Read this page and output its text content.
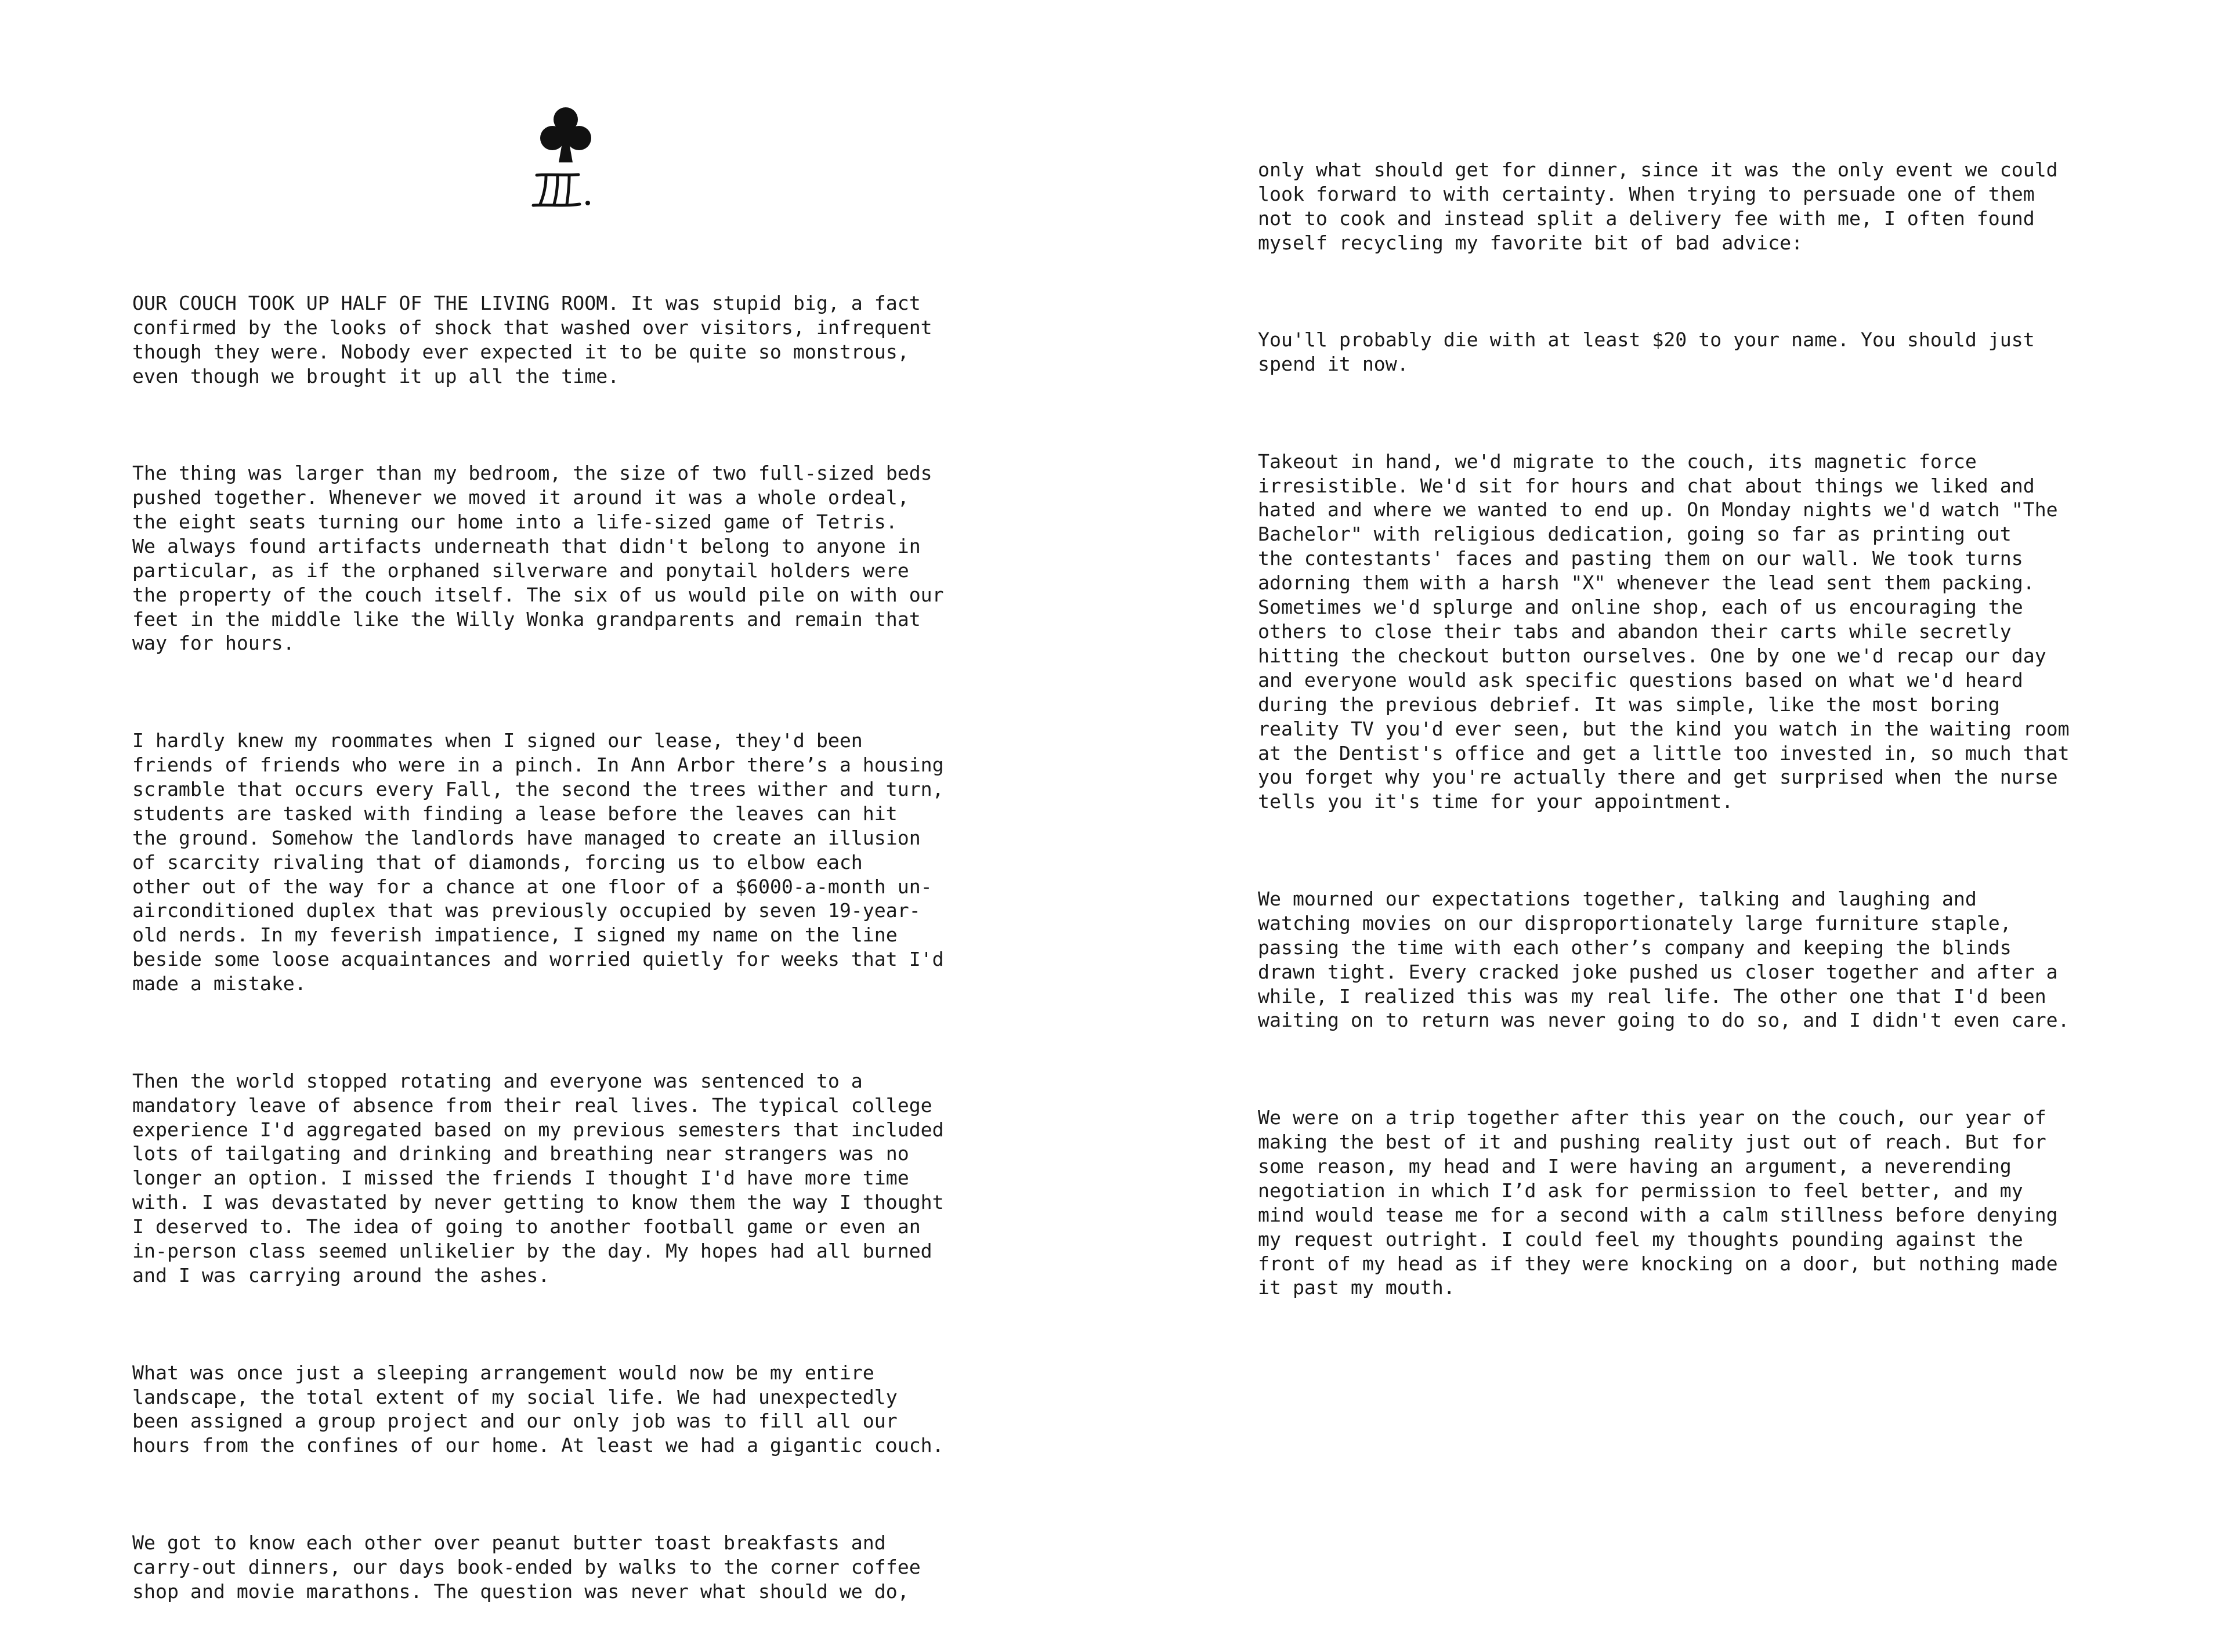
OUR COUCH TOOK UP HALF OF THE LIVING ROOM. It was stupid big, a fact
confirmed by the looks of shock that washed over visitors, infrequent
though they were. Nobody ever expected it to be quite so monstrous,
even though we brought it up all the time.

The thing was larger than my bedroom, the size of two full-sized beds
pushed together. Whenever we moved it around it was a whole ordeal,
the eight seats turning our home into a life-sized game of Tetris.
We always found artifacts underneath that didn't belong to anyone in
particular, as if the orphaned silverware and ponytail holders were
the property of the couch itself. The six of us would pile on with our
feet in the middle like the Willy Wonka grandparents and remain that
way for hours.

I hardly knew my roommates when I signed our lease, they'd been
friends of friends who were in a pinch. In Ann Arbor there’s a housing
scramble that occurs every Fall, the second the trees wither and turn,
students are tasked with finding a lease before the leaves can hit
the ground. Somehow the landlords have managed to create an illusion
of scarcity rivaling that of diamonds, forcing us to elbow each
other out of the way for a chance at one floor of a $6000-a-month un-
airconditioned duplex that was previously occupied by seven 19-year-
old nerds. In my feverish impatience, I signed my name on the line
beside some loose acquaintances and worried quietly for weeks that I'd
made a mistake.

Then the world stopped rotating and everyone was sentenced to a
mandatory leave of absence from their real lives. The typical college
experience I'd aggregated based on my previous semesters that included
lots of tailgating and drinking and breathing near strangers was no
longer an option. I missed the friends I thought I'd have more time
with. I was devastated by never getting to know them the way I thought
I deserved to. The idea of going to another football game or even an
in-person class seemed unlikelier by the day. My hopes had all burned
and I was carrying around the ashes.

What was once just a sleeping arrangement would now be my entire
landscape, the total extent of my social life. We had unexpectedly
been assigned a group project and our only job was to fill all our
hours from the confines of our home. At least we had a gigantic couch.

We got to know each other over peanut butter toast breakfasts and
carry-out dinners, our days book-ended by walks to the corner coffee
shop and movie marathons. The question was never what should we do,

only what should get for dinner, since it was the only event we could
look forward to with certainty. When trying to persuade one of them
not to cook and instead split a delivery fee with me, I often found
myself recycling my favorite bit of bad advice:

You'll probably die with at least $20 to your name. You should just
spend it now.

Takeout in hand, we'd migrate to the couch, its magnetic force
irresistible. We'd sit for hours and chat about things we liked and
hated and where we wanted to end up. On Monday nights we'd watch "The
Bachelor" with religious dedication, going so far as printing out
the contestants' faces and pasting them on our wall. We took turns
adorning them with a harsh "X" whenever the lead sent them packing.
Sometimes we'd splurge and online shop, each of us encouraging the
others to close their tabs and abandon their carts while secretly
hitting the checkout button ourselves. One by one we'd recap our day
and everyone would ask specific questions based on what we'd heard
during the previous debrief. It was simple, like the most boring
reality TV you'd ever seen, but the kind you watch in the waiting room
at the Dentist's office and get a little too invested in, so much that
you forget why you're actually there and get surprised when the nurse
tells you it's time for your appointment.

We mourned our expectations together, talking and laughing and
watching movies on our disproportionately large furniture staple,
passing the time with each other’s company and keeping the blinds
drawn tight. Every cracked joke pushed us closer together and after a
while, I realized this was my real life. The other one that I'd been
waiting on to return was never going to do so, and I didn't even care.

We were on a trip together after this year on the couch, our year of
making the best of it and pushing reality just out of reach. But for
some reason, my head and I were having an argument, a neverending
negotiation in which I’d ask for permission to feel better, and my
mind would tease me for a second with a calm stillness before denying
my request outright. I could feel my thoughts pounding against the
front of my head as if they were knocking on a door, but nothing made
it past my mouth.
